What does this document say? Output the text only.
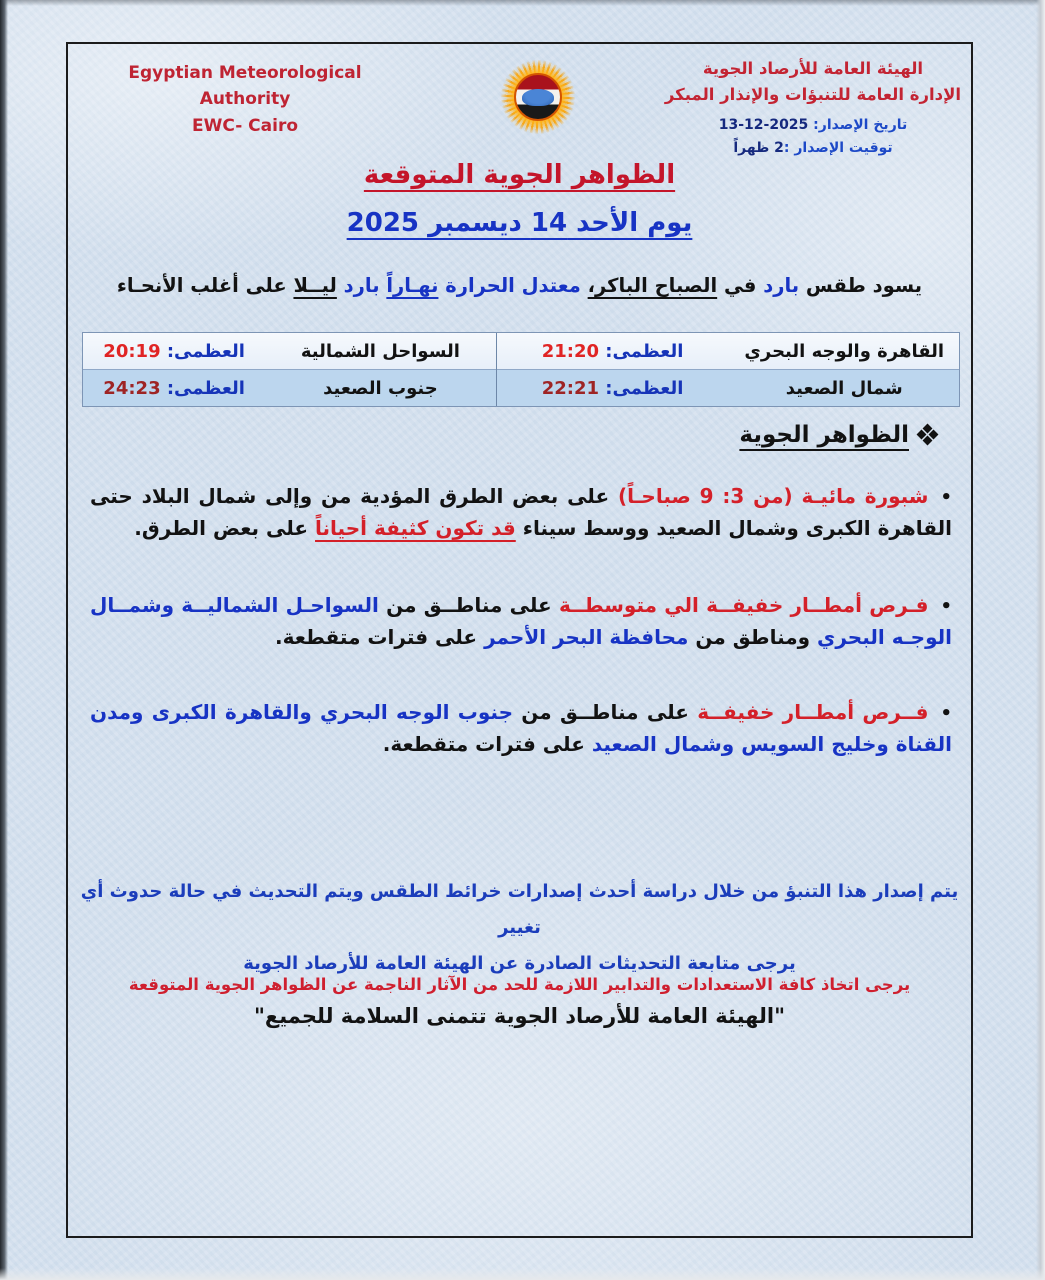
Egyptian Meteorological Authority
EWC- Cairo
الهيئة العامة للأرصاد الجوية
الإدارة العامة للتنبؤات والإنذار المبكر
تاريخ الإصدار: 2025-12-13
توقيت الإصدار :2 ظهراً
الظواهر الجوية المتوقعة
يوم الأحد 14 ديسمبر 2025
يسود طقس بارد في الصباح الباكر، معتدل الحرارة نهـاراً بارد ليــلا على أغلب الأنحـاء
القاهرة والوجه البحري
العظمى: 21:20
السواحل الشمالية
العظمى: 20:19
شمال الصعيد
العظمى: 22:21
جنوب الصعيد
العظمى: 24:23
الظواهر الجوية
•شبورة مائيـة (من 3: 9 صباحـاً) على بعض الطرق المؤدية من وإلى شمال البلاد حتى القاهرة الكبرى وشمال الصعيد ووسط سيناء قد تكون كثيفة أحياناً على بعض الطرق.
•فـرص أمطــار خفيفــة الي متوسطــة على مناطــق من السواحـل الشماليــة وشمــال الوجـه البحري ومناطق من محافظة البحر الأحمر على فترات متقطعة.
•فــرص أمطــار خفيفــة على مناطــق من جنوب الوجه البحري والقاهرة الكبرى ومدن القناة وخليج السويس وشمال الصعيد على فترات متقطعة.
يتم إصدار هذا التنبؤ من خلال دراسة أحدث إصدارات خرائط الطقس ويتم التحديث في حالة حدوث أي تغيير
يرجى متابعة التحديثات الصادرة عن الهيئة العامة للأرصاد الجوية
يرجى اتخاذ كافة الاستعدادات والتدابير اللازمة للحد من الآثار الناجمة عن الظواهر الجوية المتوقعة
"الهيئة العامة للأرصاد الجوية تتمنى السلامة للجميع"
